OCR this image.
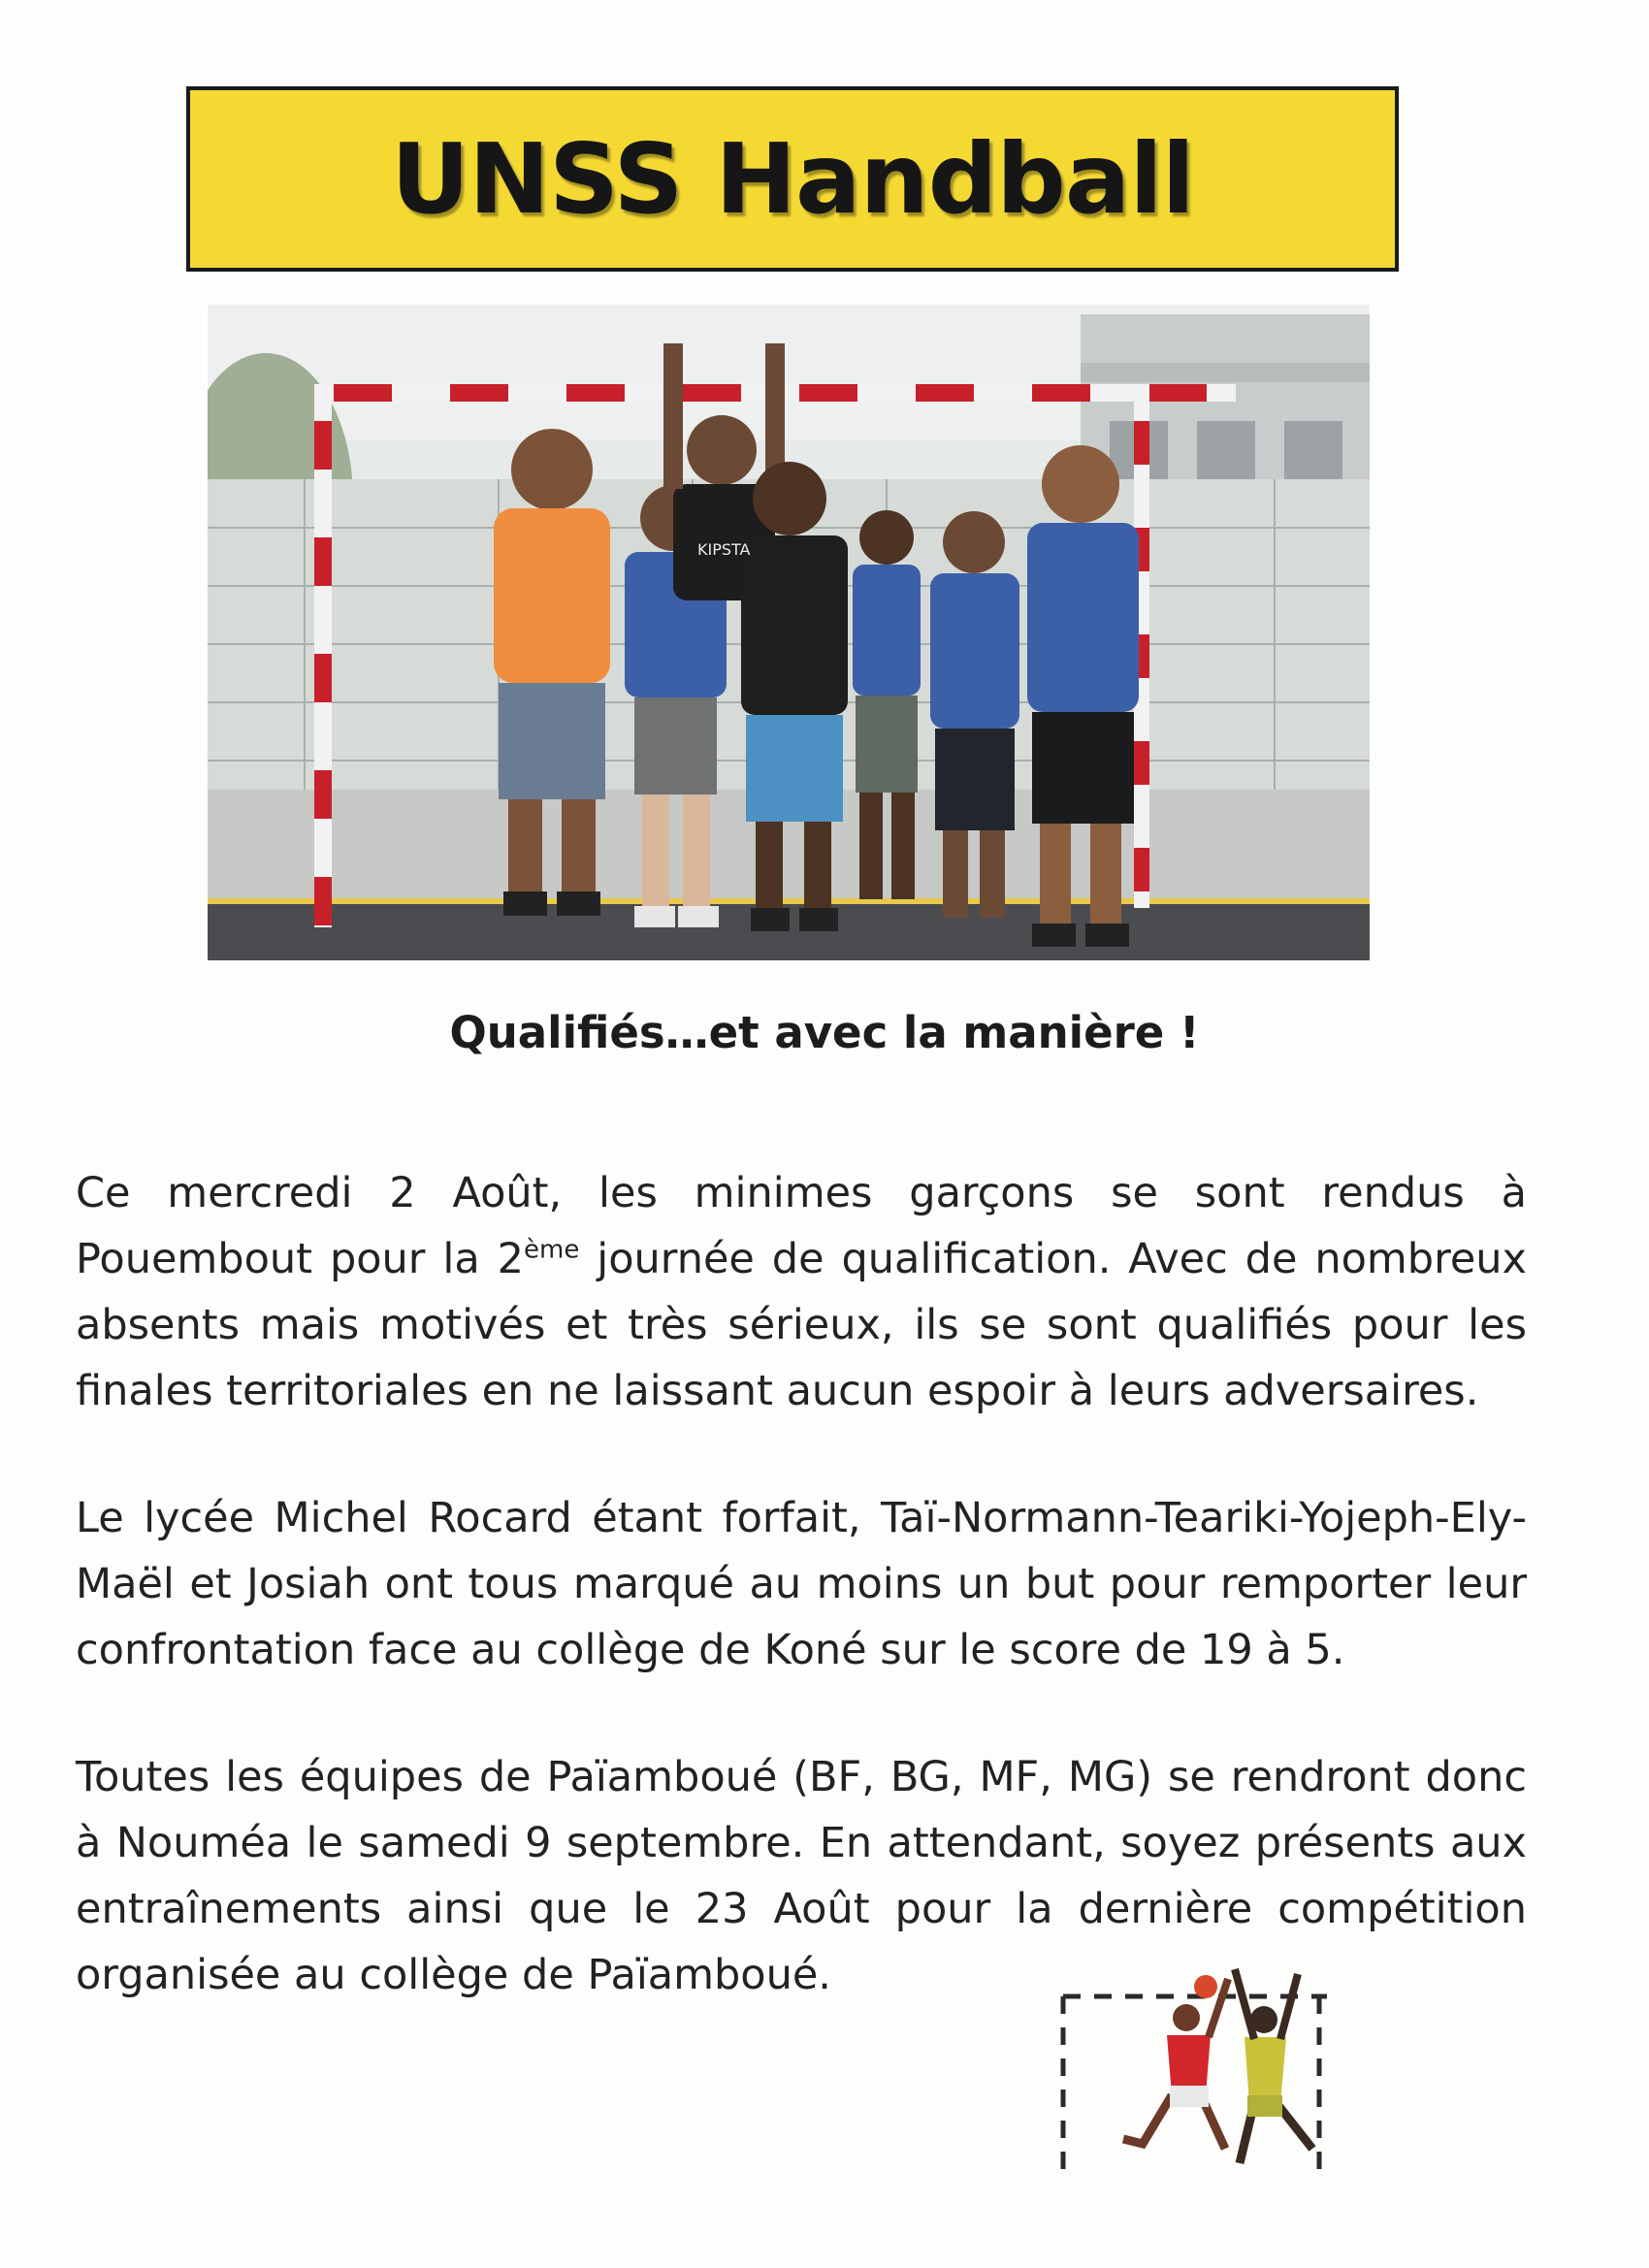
UNSS Handball
KIPSTA
Qualifiés…et avec la manière !

Ce mercredi 2 Août, les minimes garçons se sont rendus à Pouembout pour la 2ème journée de qualification. Avec de nombreux absents mais motivés et très sérieux, ils se sont qualifiés pour les finales territoriales en ne laissant aucun espoir à leurs adversaires.

Le lycée Michel Rocard étant forfait, Taï-Normann-Teariki-Yojeph-Ely-Maël et Josiah ont tous marqué au moins un but pour remporter leur confrontation face au collège de Koné sur le score de 19 à 5.

Toutes les équipes de Païamboué (BF, BG, MF, MG) se rendront donc à Nouméa le samedi 9 septembre. En attendant, soyez présents aux entraînements ainsi que le 23 Août pour la dernière compétition organisée au collège de Païamboué.
